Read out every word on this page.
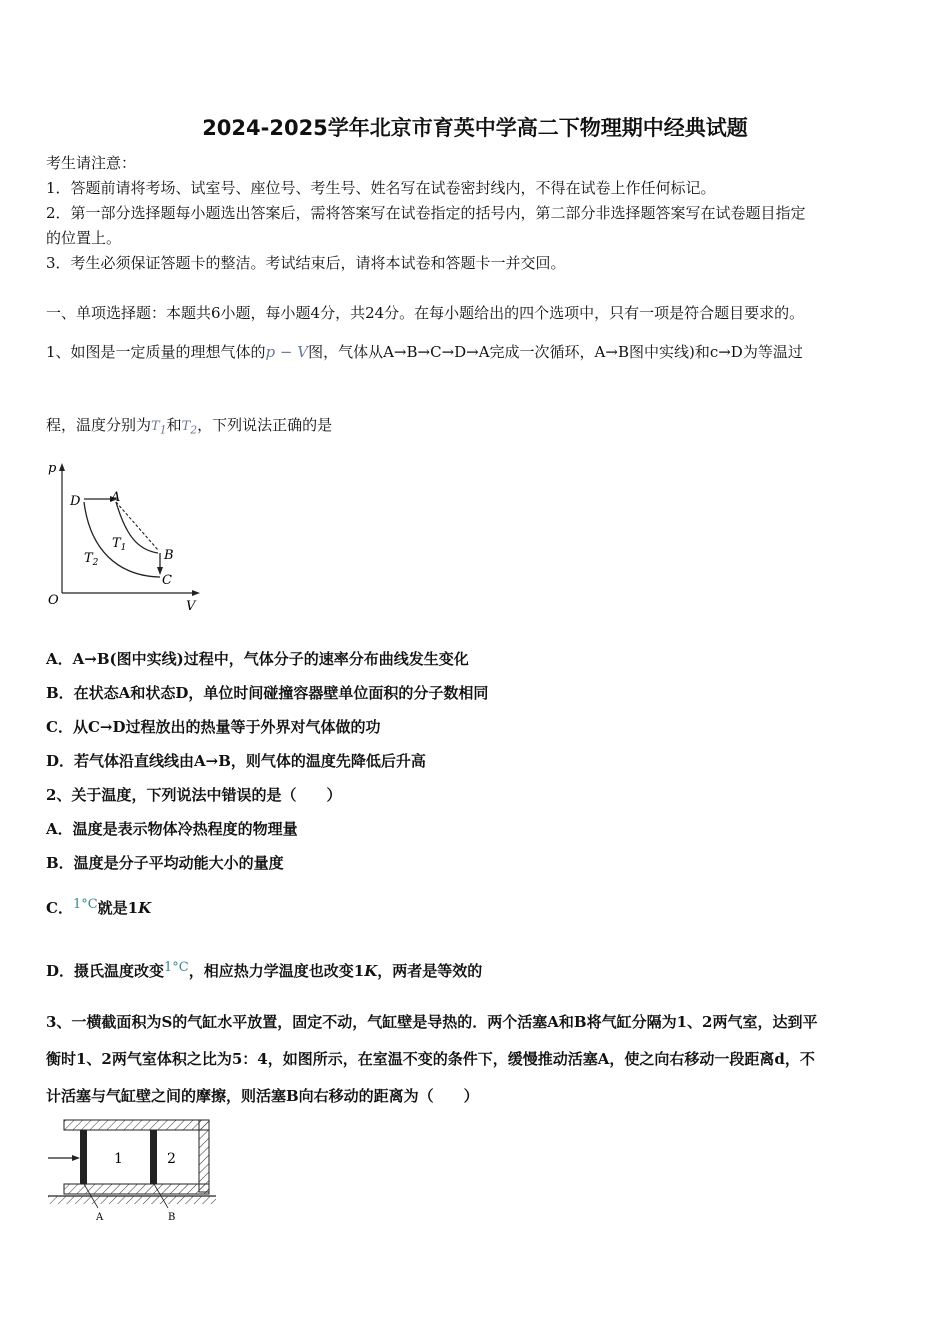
2024-2025学年北京市育英中学高二下物理期中经典试题
考生请注意：
1．答题前请将考场、试室号、座位号、考生号、姓名写在试卷密封线内，不得在试卷上作任何标记。
2．第一部分选择题每小题选出答案后，需将答案写在试卷指定的括号内，第二部分非选择题答案写在试卷题目指定
的位置上。
3．考生必须保证答题卡的整洁。考试结束后，请将本试卷和答题卡一并交回。
一、单项选择题：本题共6小题，每小题4分，共24分。在每小题给出的四个选项中，只有一项是符合题目要求的。
1、如图是一定质量的理想气体的p − V图，气体从A→B→C→D→A完成一次循环，A→B图中实线)和c→D为等温过
程，温度分别为$T_1$和$T_2$，下列说法正确的是
p
V
O
D A
B
C
$T_1$
$T_2$
A．A→B(图中实线)过程中，气体分子的速率分布曲线发生变化
B．在状态A和状态D，单位时间碰撞容器壁单位面积的分子数相同
C．从C→D过程放出的热量等于外界对气体做的功
D．若气体沿直线线由A→B，则气体的温度先降低后升高
2、关于温度，下列说法中错误的是（　　）
A．温度是表示物体冷热程度的物理量
B．温度是分子平均动能大小的量度
C．1°C就是1K
D．摄氏温度改变1°C，相应热力学温度也改变1K，两者是等效的
3、一横截面积为S的气缸水平放置，固定不动，气缸壁是导热的．两个活塞A和B将气缸分隔为1、2两气室，达到平
衡时1、2两气室体积之比为5：4，如图所示，在室温不变的条件下，缓慢推动活塞A，使之向右移动一段距离d，不
计活塞与气缸壁之间的摩擦，则活塞B向右移动的距离为（　　）
1	2
A	B
